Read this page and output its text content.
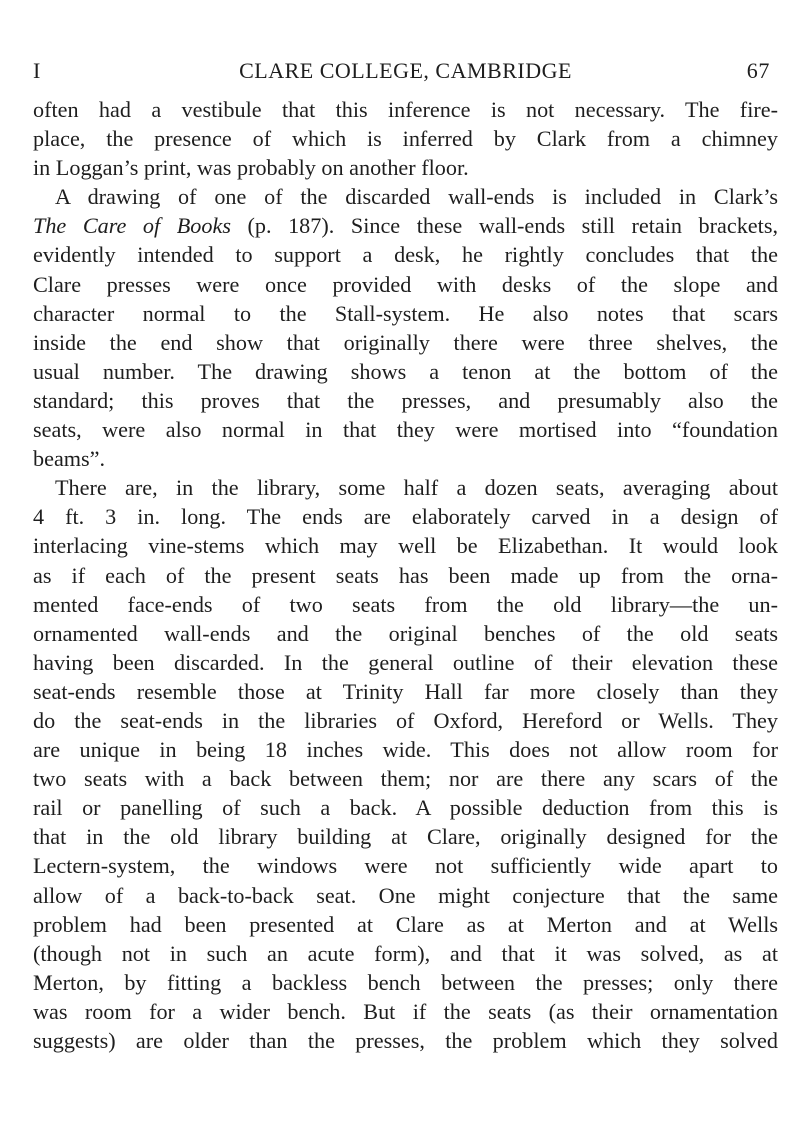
I	CLARE COLLEGE, CAMBRIDGE	67
often had a vestibule that this inference is not necessary. The fire-
place, the presence of which is inferred by Clark from a chimney
in Loggan’s print, was probably on another floor.
A drawing of one of the discarded wall-ends is included in Clark’s
The Care of Books (p. 187). Since these wall-ends still retain brackets,
evidently intended to support a desk, he rightly concludes that the
Clare presses were once provided with desks of the slope and
character normal to the Stall-system. He also notes that scars
inside the end show that originally there were three shelves, the
usual number. The drawing shows a tenon at the bottom of the
standard; this proves that the presses, and presumably also the
seats, were also normal in that they were mortised into “foundation
beams”.
There are, in the library, some half a dozen seats, averaging about
4 ft. 3 in. long. The ends are elaborately carved in a design of
interlacing vine-stems which may well be Elizabethan. It would look
as if each of the present seats has been made up from the orna-
mented face-ends of two seats from the old library—the un-
ornamented wall-ends and the original benches of the old seats
having been discarded. In the general outline of their elevation these
seat-ends resemble those at Trinity Hall far more closely than they
do the seat-ends in the libraries of Oxford, Hereford or Wells. They
are unique in being 18 inches wide. This does not allow room for
two seats with a back between them; nor are there any scars of the
rail or panelling of such a back. A possible deduction from this is
that in the old library building at Clare, originally designed for the
Lectern-system, the windows were not sufficiently wide apart to
allow of a back-to-back seat. One might conjecture that the same
problem had been presented at Clare as at Merton and at Wells
(though not in such an acute form), and that it was solved, as at
Merton, by fitting a backless bench between the presses; only there
was room for a wider bench. But if the seats (as their ornamentation
suggests) are older than the presses, the problem which they solved
